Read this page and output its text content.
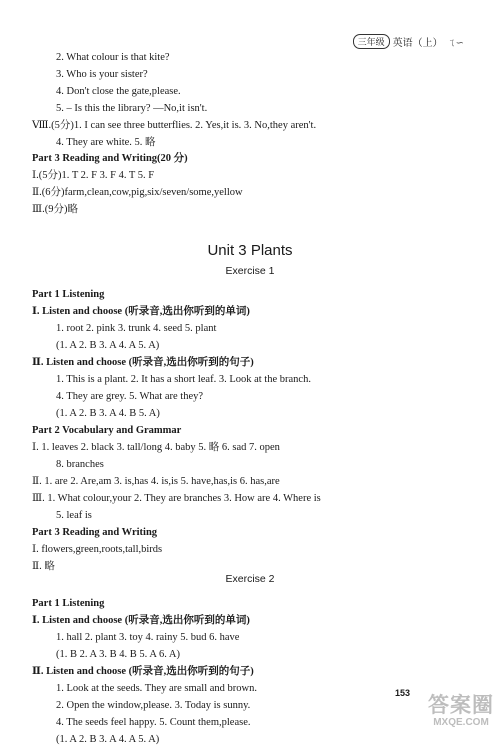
三年级 英语（上） ㄟ∽
2. What colour is that kite?
3. Who is your sister?
4. Don't close the gate,please.
5. – Is this the library? —No,it isn't.
Ⅷ.(5分)1. I can see three butterflies. 2. Yes,it is. 3. No,they aren't.
4. They are white. 5. 略
Part 3 Reading and Writing(20 分)
Ⅰ.(5分)1. T 2. F 3. F 4. T 5. F
Ⅱ.(6分)farm,clean,cow,pig,six/seven/some,yellow
Ⅲ.(9分)略
Part 1 Listening
Ⅰ. Listen and choose (听录音,选出你听到的单词)
1. root 2. pink 3. trunk 4. seed 5. plant
(1. A 2. B 3. A 4. A 5. A)
Ⅱ. Listen and choose (听录音,选出你听到的句子)
1. This is a plant. 2. It has a short leaf. 3. Look at the branch.
4. They are grey. 5. What are they?
(1. A 2. B 3. A 4. B 5. A)
Part 2 Vocabulary and Grammar
Ⅰ. 1. leaves 2. black 3. tall/long 4. baby 5. 略 6. sad 7. open
8. branches
Ⅱ. 1. are 2. Are,am 3. is,has 4. is,is 5. have,has,is 6. has,are
Ⅲ. 1. What colour,your 2. They are branches 3. How are 4. Where is
5. leaf is
Part 3 Reading and Writing
Ⅰ. flowers,green,roots,tall,birds
Ⅱ. 略
Part 1 Listening
Ⅰ. Listen and choose (听录音,选出你听到的单词)
1. hall 2. plant 3. toy 4. rainy 5. bud 6. have
(1. B 2. A 3. B 4. B 5. A 6. A)
Ⅱ. Listen and choose (听录音,选出你听到的句子)
1. Look at the seeds. They are small and brown.
2. Open the window,please. 3. Today is sunny.
4. The seeds feel happy. 5. Count them,please.
(1. A 2. B 3. A 4. A 5. A)
Unit 3 Plants
Exercise 1
Exercise 2
153
答案圈
MXQE.COM
